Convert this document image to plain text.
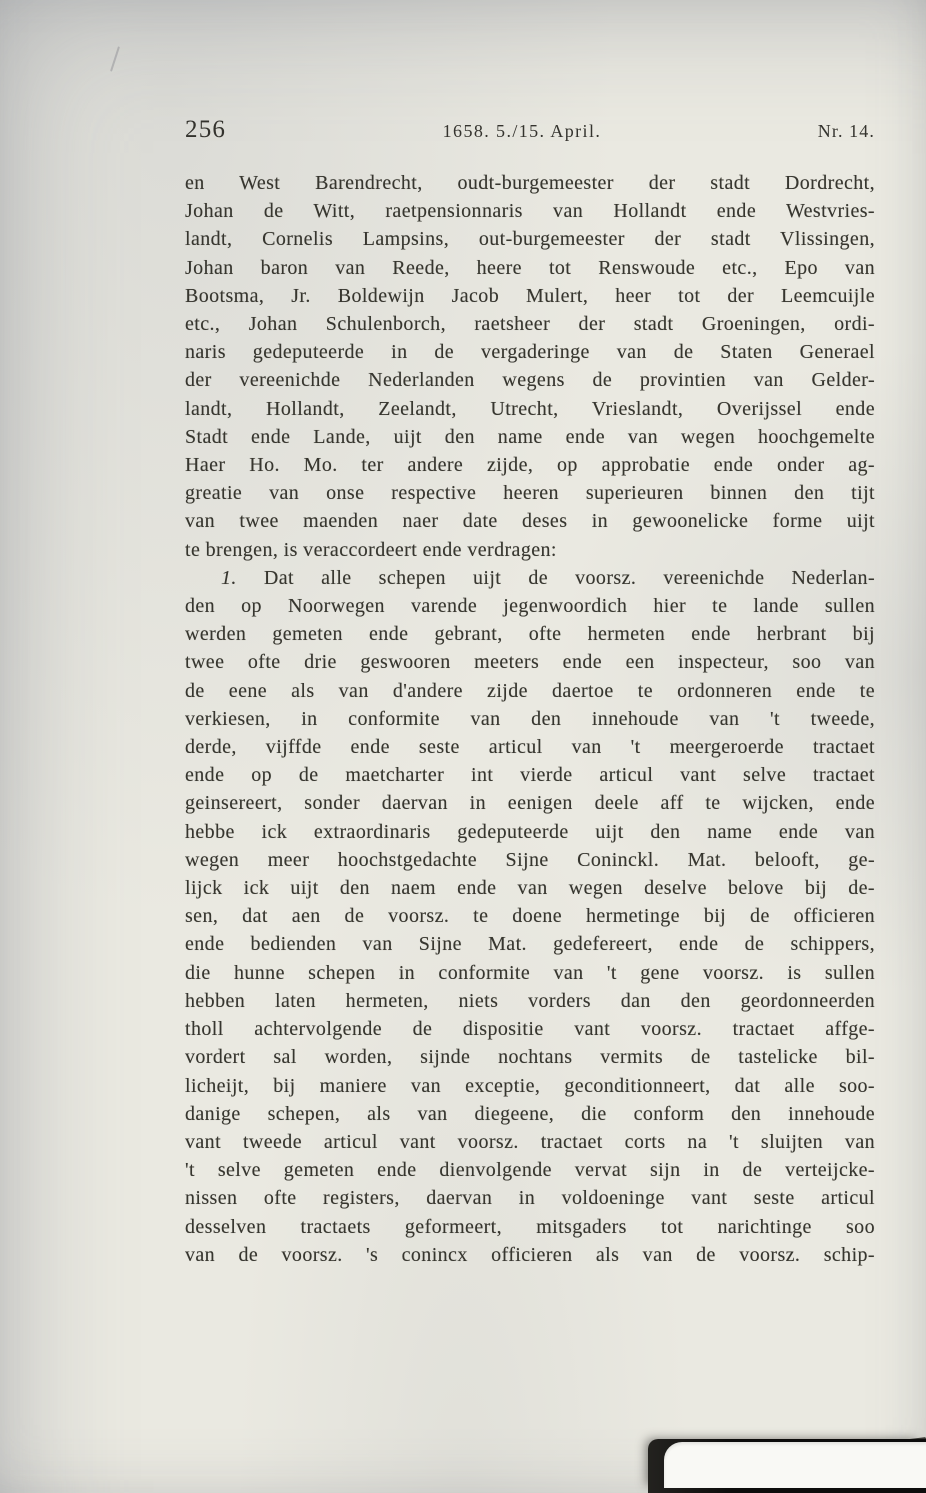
256	1658. 5./15. April.	Nr. 14.
en West Barendrecht, oudt-burgemeester der stadt Dordrecht,
Johan de Witt, raetpensionnaris van Hollandt ende Westvries-
landt, Cornelis Lampsins, out-burgemeester der stadt Vlissingen,
Johan baron van Reede, heere tot Renswoude etc., Epo van
Bootsma, Jr. Boldewijn Jacob Mulert, heer tot der Leemcuijle
etc., Johan Schulenborch, raetsheer der stadt Groeningen, ordi-
naris gedeputeerde in de vergaderinge van de Staten Generael
der vereenichde Nederlanden wegens de provintien van Gelder-
landt, Hollandt, Zeelandt, Utrecht, Vrieslandt, Overijssel ende
Stadt ende Lande, uijt den name ende van wegen hoochgemelte
Haer Ho. Mo. ter andere zijde, op approbatie ende onder ag-
greatie van onse respective heeren superieuren binnen den tijt
van twee maenden naer date deses in gewoonelicke forme uijt
te brengen, is veraccordeert ende verdragen:
1. Dat alle schepen uijt de voorsz. vereenichde Nederlan-
den op Noorwegen varende jegenwoordich hier te lande sullen
werden gemeten ende gebrant, ofte hermeten ende herbrant bij
twee ofte drie geswooren meeters ende een inspecteur, soo van
de eene als van d'andere zijde daertoe te ordonneren ende te
verkiesen, in conformite van den innehoude van 't tweede,
derde, vijffde ende seste articul van 't meergeroerde tractaet
ende op de maetcharter int vierde articul vant selve tractaet
geinsereert, sonder daervan in eenigen deele aff te wijcken, ende
hebbe ick extraordinaris gedeputeerde uijt den name ende van
wegen meer hoochstgedachte Sijne Coninckl. Mat. belooft, ge-
lijck ick uijt den naem ende van wegen deselve belove bij de-
sen, dat aen de voorsz. te doene hermetinge bij de officieren
ende bedienden van Sijne Mat. gedefereert, ende de schippers,
die hunne schepen in conformite van 't gene voorsz. is sullen
hebben laten hermeten, niets vorders dan den geordonneerden
tholl achtervolgende de dispositie vant voorsz. tractaet affge-
vordert sal worden, sijnde nochtans vermits de tastelicke bil-
licheijt, bij maniere van exceptie, geconditionneert, dat alle soo-
danige schepen, als van diegeene, die conform den innehoude
vant tweede articul vant voorsz. tractaet corts na 't sluijten van
't selve gemeten ende dienvolgende vervat sijn in de verteijcke-
nissen ofte registers, daervan in voldoeninge vant seste articul
desselven tractaets geformeert, mitsgaders tot narichtinge soo
van de voorsz. 's conincx officieren als van de voorsz. schip-
